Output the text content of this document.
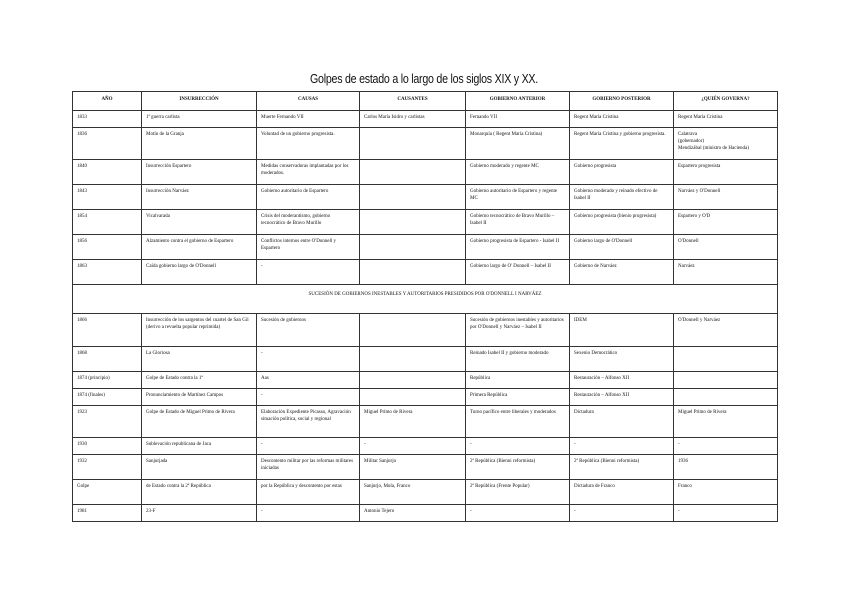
Golpes de estado a lo largo de los siglos XIX y XX.
AÑO	INSURRECCIÓN	CAUSAS	CAUSANTES	GOBIERNO ANTERIOR	GOBIERNO POSTERIOR	¿QUIÉN GOVERNA?
1833	1ª guerra carlista	Muerte Fernando VII	Carlos María Isidro y carlistas	Fernando VII	Regent María Cristina	Regent María Cristina
1836	Motín de la Granja	Voluntad de un gobierno progresista.		Monarquía ( Regent María Cristina)	Regent María Cristina y gobierno progresista.	Calatrava
(gobernador)
Mendizábal (ministro de Hacienda)
1840	Insurrección Espartero	Medidas conservadoras implantadas por los moderados.		Gobierno moderado y regente MC	Gobierno progresista	Espartero progresista
1843	Insurrección Narváez	Gobierno autoritario de Espartero		Gobierno autoritario de Espartero y regente MC	Gobierno moderado y reinado efectivo de Isabel II	Narváez y O'Donnell
1854	Vicalvarada	Crisis del moderantismo, gobierno tecnocrático de Bravo Murillo		Gobierno tecnocrático de Bravo Murillo – Isabel II	Gobierno progresista (bienio progresista)	Espartero y O'D
1856	Alzamiento contra el gobierno de Espartero	Conflictos internos entre O'Donnell y Espartero		Gobierno progresista de Espartero - Isabel II	Gobierno largo de O'Donnell	O'Donnell
1863	Caída gobierno largo de O'Donnell	-		Gobierno largo de O' Donnell – Isabel II	Gobierno de Narváez	Narváez
SUCESIÓN DE GOBIERNOS INESTABLES Y AUTORITARIOS PRESIDIDOS POR O'DONNELL I NARVÁEZ						
1866	Insurrección de los sargentos del cuartel de San Gil
(derivo a revuelta popular reprimida)	Sucesión de gobiernos		Sucesión de gobiernos inestables y autoritarios por O'Donnell y Narváez – Isabel II	IDEM	O'Donnell y Narváez
1868	La Gloriosa	-		Reinado Isabel II y gobierno moderado	Sexenio Democrático	
1874 (principio)	Golpe de Estado contra la 1ª	Aas		República	Restauración – Alfonso XII	
1874 (finales)	Pronunciamiento de Martínez Campos	-		Primera República	Restauración – Alfonso XII	
1923	Golpe de Estado de Miguel Primo de Rivera	Elaboración Expediente Picasso, Agravación situación política, social y regional	Miguel Primo de Rivera	Turno pacífico entre liberales y moderados	Dictadura	Miguel Primo de Rivera
1930	Sublevación republicana de Jaca	-	-	-	-	-
1932	Sanjurjada	Descontento militar por las reformas militares iniciadas	Militar Sanjurjo	2ª República (Bienni reformista)	2ª República (Bienni reformista)	1936
Golpe	de Estado contra la 2ª República	por la República y descontento por estas	Sanjurjo, Mola, Franco	2ª República (Frente Popular)	Dictadura de Franco	Franco
1981	23-F	-	Antonio Tejero	-	-	-
